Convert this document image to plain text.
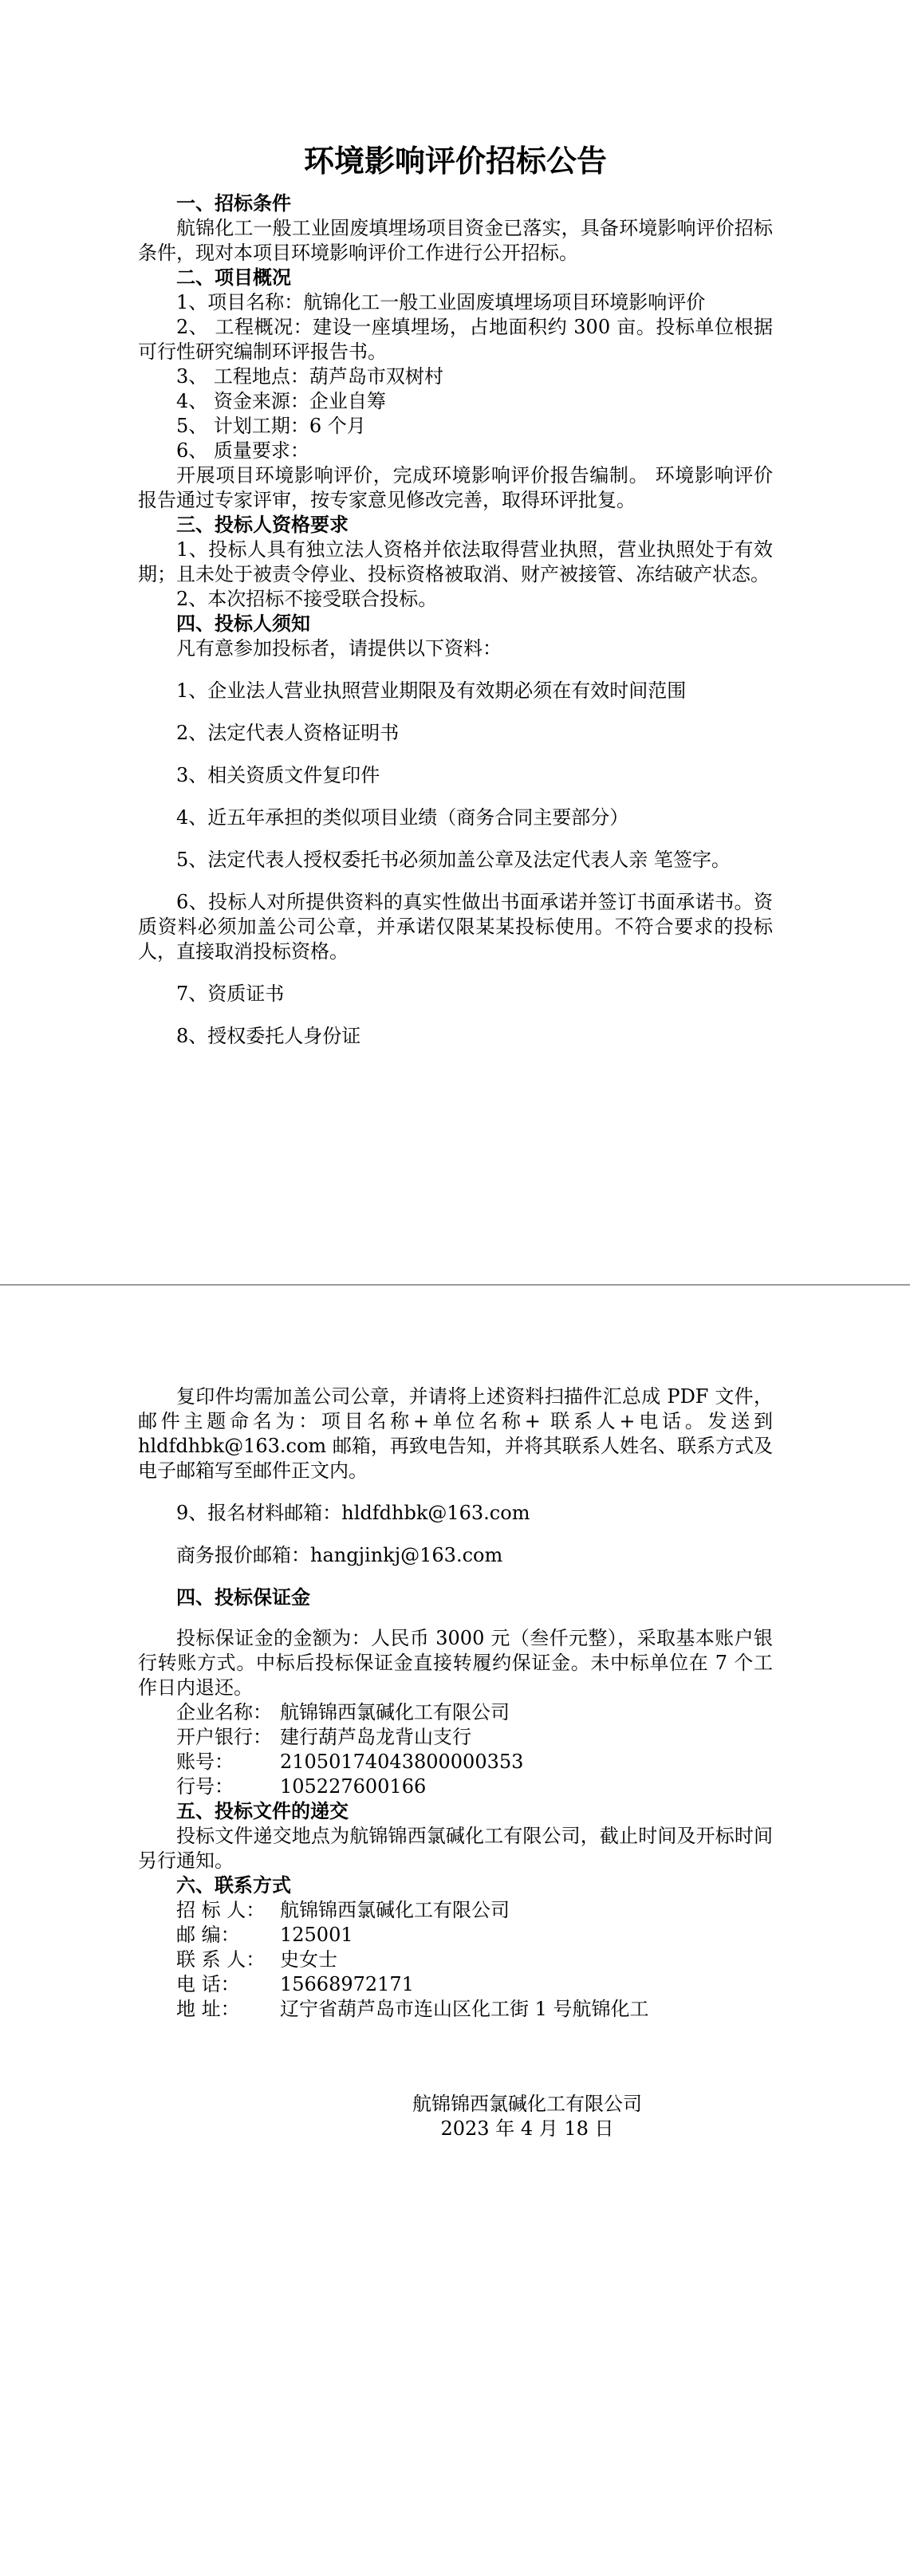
环境影响评价招标公告

一、招标条件

航锦化工一般工业固废填埋场项目资金已落实，具备环境影响评价招标条件，现对本项目环境影响评价工作进行公开招标。

二、项目概况

1、项目名称：航锦化工一般工业固废填埋场项目环境影响评价

2、 工程概况：建设一座填埋场，占地面积约 300 亩。投标单位根据可行性研究编制环评报告书。

3、 工程地点：葫芦岛市双树村

4、 资金来源：企业自筹

5、 计划工期：6 个月

6、 质量要求：

开展项目环境影响评价，完成环境影响评价报告编制。 环境影响评价报告通过专家评审，按专家意见修改完善，取得环评批复。

三、投标人资格要求

1、投标人具有独立法人资格并依法取得营业执照，营业执照处于有效期；且未处于被责令停业、投标资格被取消、财产被接管、冻结破产状态。

2、本次招标不接受联合投标。

四、投标人须知

凡有意参加投标者，请提供以下资料：

1、企业法人营业执照营业期限及有效期必须在有效时间范围

2、法定代表人资格证明书

3、相关资质文件复印件

4、近五年承担的类似项目业绩（商务合同主要部分）

5、法定代表人授权委托书必须加盖公章及法定代表人亲 笔签字。

6、投标人对所提供资料的真实性做出书面承诺并签订书面承诺书。资质资料必须加盖公司公章，并承诺仅限某某投标使用。不符合要求的投标人，直接取消投标资格。

7、资质证书

8、授权委托人身份证

复印件均需加盖公司公章，并请将上述资料扫描件汇总成 PDF 文件，邮件主题命名为：项目名称+单位名称+ 联系人+电话。发送到 hldfdhbk@163.com 邮箱，再致电告知，并将其联系人姓名、联系方式及电子邮箱写至邮件正文内。

9、报名材料邮箱：hldfdhbk@163.com

商务报价邮箱：hangjinkj@163.com

四、投标保证金

投标保证金的金额为：人民币 3000 元（叁仟元整），采取基本账户银行转账方式。中标后投标保证金直接转履约保证金。未中标单位在 7 个工作日内退还。

企业名称： 航锦锦西氯碱化工有限公司

开户银行： 建行葫芦岛龙背山支行

账号：	21050174043800000353

行号：	105227600166

五、投标文件的递交

投标文件递交地点为航锦锦西氯碱化工有限公司，截止时间及开标时间另行通知。

六、联系方式

招 标 人： 航锦锦西氯碱化工有限公司

邮 编：	125001

联 系 人： 史女士

电 话：	15668972171

地 址：	辽宁省葫芦岛市连山区化工街 1 号航锦化工

航锦锦西氯碱化工有限公司

2023 年 4 月 18 日
